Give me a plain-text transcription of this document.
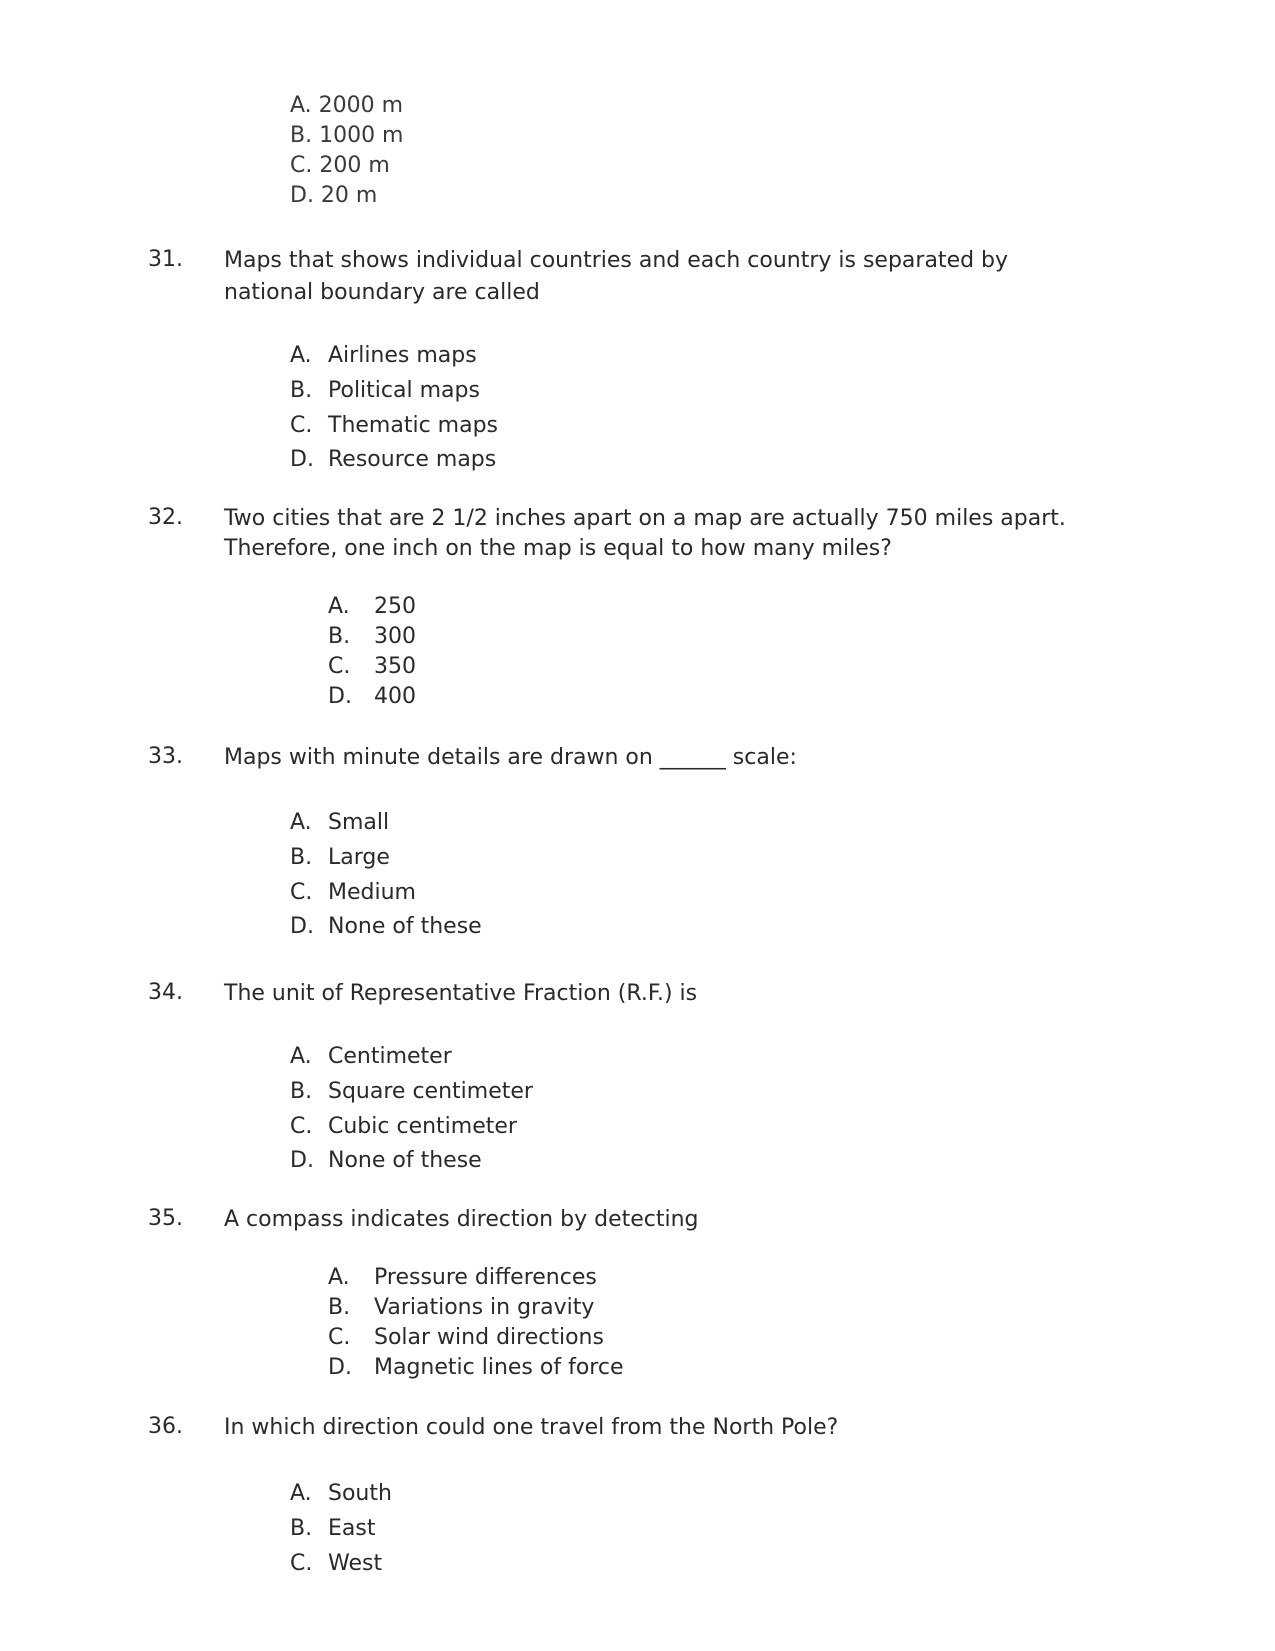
A. 2000 m
B. 1000 m
C. 200 m
D. 20 m
31. Maps that shows individual countries and each country is separated by
national boundary are called
A. Airlines maps
B. Political maps
C. Thematic maps
D. Resource maps
32. Two cities that are 2 1/2 inches apart on a map are actually 750 miles apart.
Therefore, one inch on the map is equal to how many miles?
A. 250
B. 300
C. 350
D. 400
33. Maps with minute details are drawn on ______ scale:
A. Small
B. Large
C. Medium
D. None of these
34. The unit of Representative Fraction (R.F.) is
A. Centimeter
B. Square centimeter
C. Cubic centimeter
D. None of these
35. A compass indicates direction by detecting
A. Pressure differences
B. Variations in gravity
C. Solar wind directions
D. Magnetic lines of force
36. In which direction could one travel from the North Pole?
A. South
B. East
C. West
